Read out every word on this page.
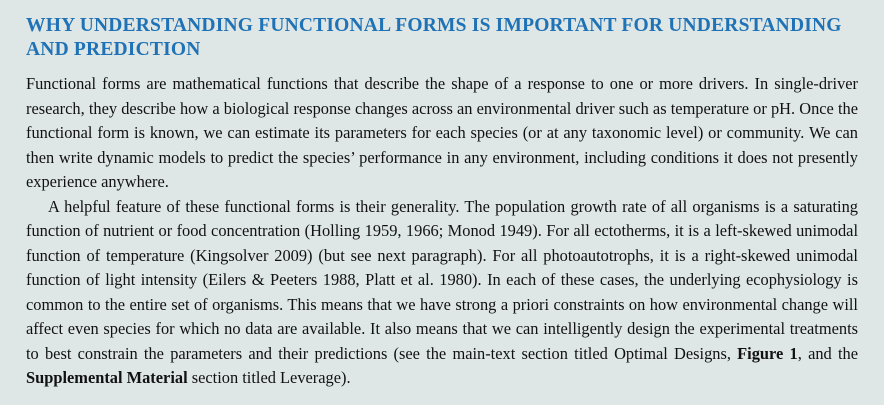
WHY UNDERSTANDING FUNCTIONAL FORMS IS IMPORTANT FOR UNDERSTANDING AND PREDICTION

Functional forms are mathematical functions that describe the shape of a response to one or more drivers. In single-driver research, they describe how a biological response changes across an environmental driver such as temperature or pH. Once the functional form is known, we can estimate its parameters for each species (or at any taxonomic level) or community. We can then write dynamic models to predict the species’ performance in any environment, including conditions it does not presently experience anywhere.

A helpful feature of these functional forms is their generality. The population growth rate of all organisms is a saturating function of nutrient or food concentration (Holling 1959, 1966; Monod 1949). For all ectotherms, it is a left-skewed unimodal function of temperature (Kingsolver 2009) (but see next paragraph). For all photoautotrophs, it is a right-skewed unimodal function of light intensity (Eilers & Peeters 1988, Platt et al. 1980). In each of these cases, the underlying ecophysiology is common to the entire set of organisms. This means that we have strong a priori constraints on how environmental change will affect even species for which no data are available. It also means that we can intelligently design the experimental treatments to best constrain the parameters and their predictions (see the main-text section titled Optimal Designs, Figure 1, and the Supplemental Material section titled Leverage).
